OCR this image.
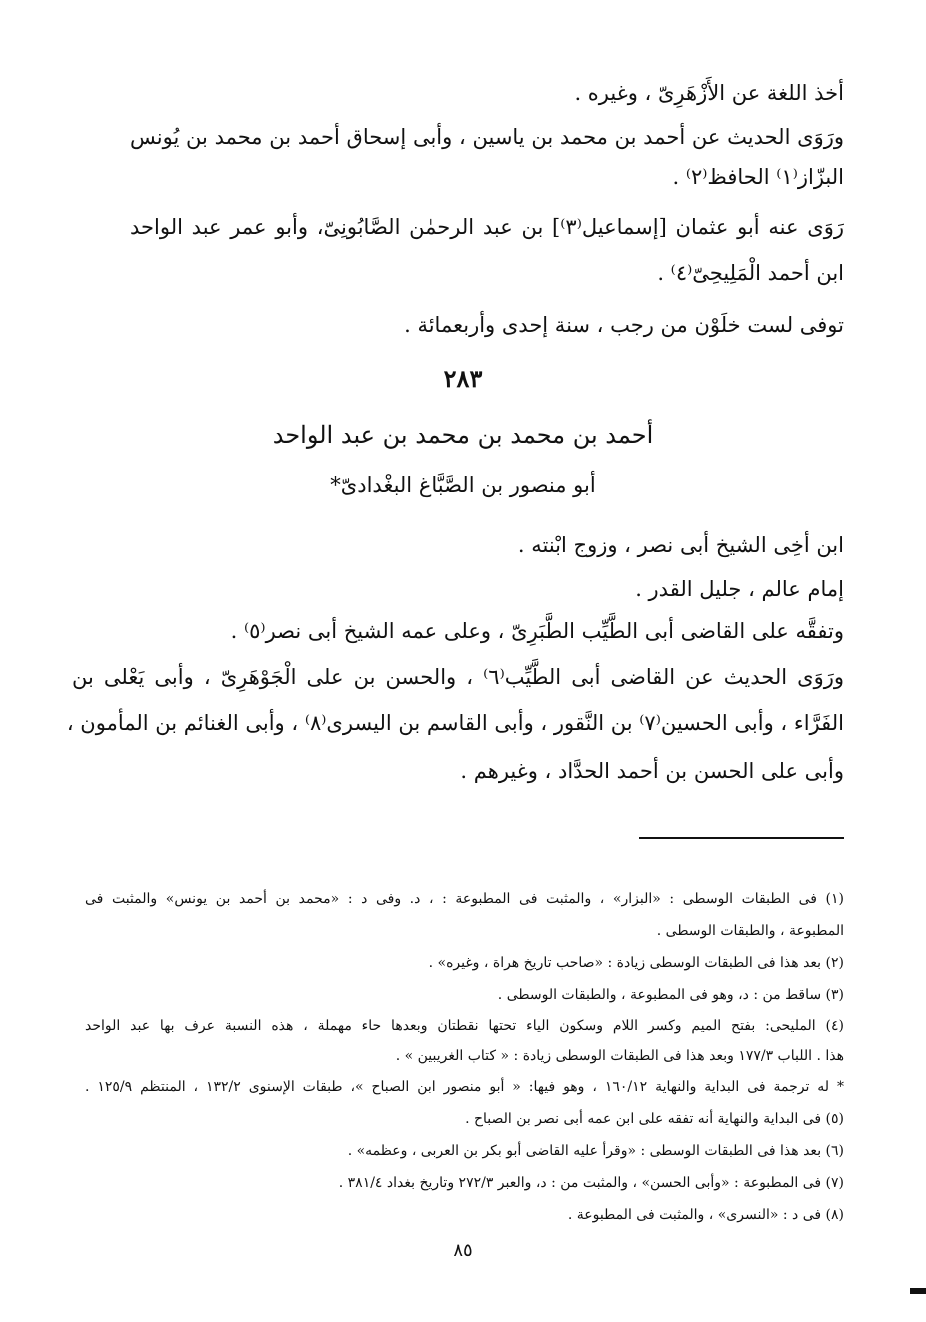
أخذ اللغة عن الأَزْهَرِىّ ، وغيره .
ورَوَى الحديث عن أحمد بن محمد بن ياسين ، وأبى إسحاق أحمد بن محمد بن يُونس
البزّاز⁽١⁾ الحافظ⁽٢⁾ .
رَوَى عنه أبو عثمان [إسماعيل⁽٣⁾] بن عبد الرحمٰن الصَّابُونِىّ، وأبو عمر عبد الواحد
ابن أحمد الْمَلِيحِىّ⁽٤⁾ .
توفى لست خلَوْن من رجب ، سنة إحدى وأربعمائة .
٢٨٣
أحمد بن محمد بن محمد بن عبد الواحد
أبو منصور بن الصَّبَّاغ البغْدادىّ*
ابن أخِى الشيخ أبى نصر ، وزوج ابْنته .
إمام عالم ، جليل القدر .
وتفقَّه على القاضى أبى الطَّيِّب الطَّبَرِىّ ، وعلى عمه الشيخ أبى نصر⁽٥⁾ .
ورَوَى الحديث عن القاضى أبى الطَّيِّب⁽٦⁾ ، والحسن بن على الْجَوْهَرِىّ ، وأبى يَعْلى بن
الفَرَّاء ، وأبى الحسين⁽٧⁾ بن النَّقور ، وأبى القاسم بن اليسرى⁽٨⁾ ، وأبى الغنائم بن المأمون ،
وأبى على الحسن بن أحمد الحدَّاد ، وغيرهم .
(١) فى الطبقات الوسطى : «البزار» ، والمثبت فى المطبوعة : ، د. وفى د : «محمد بن أحمد بن يونس» والمثبت فى
المطبوعة ، والطبقات الوسطى .
(٢) بعد هذا فى الطبقات الوسطى زيادة : «صاحب تاريخ هراة ، وغيره» .
(٣) ساقط من : د، وهو فى المطبوعة ، والطبقات الوسطى .
(٤) المليحى: بفتح الميم وكسر اللام وسكون الياء تحتها نقطتان وبعدها حاء مهملة ، هذه النسبة عرف بها عبد الواحد
هذا . اللباب ١٧٧/٣ وبعد هذا فى الطبقات الوسطى زيادة : « كتاب الغريبين » .
* له ترجمة فى البداية والنهاية ١٦٠/١٢ ، وهو فيها: « أبو منصور ابن الصباح »، طبقات الإسنوى ١٣٢/٢ ، المنتظم ١٢٥/٩ .
(٥) فى البداية والنهاية أنه تفقه على ابن عمه أبى نصر بن الصباح .
(٦) بعد هذا فى الطبقات الوسطى : «وقرأ عليه القاضى أبو بكر بن العربى ، وعظمه» .
(٧) فى المطبوعة : «وأبى الحسن» ، والمثبت من : د، والعبر ٢٧٢/٣ وتاريخ بغداد ٣٨١/٤ .
(٨) فى د : «النسرى» ، والمثبت فى المطبوعة .
٨٥
